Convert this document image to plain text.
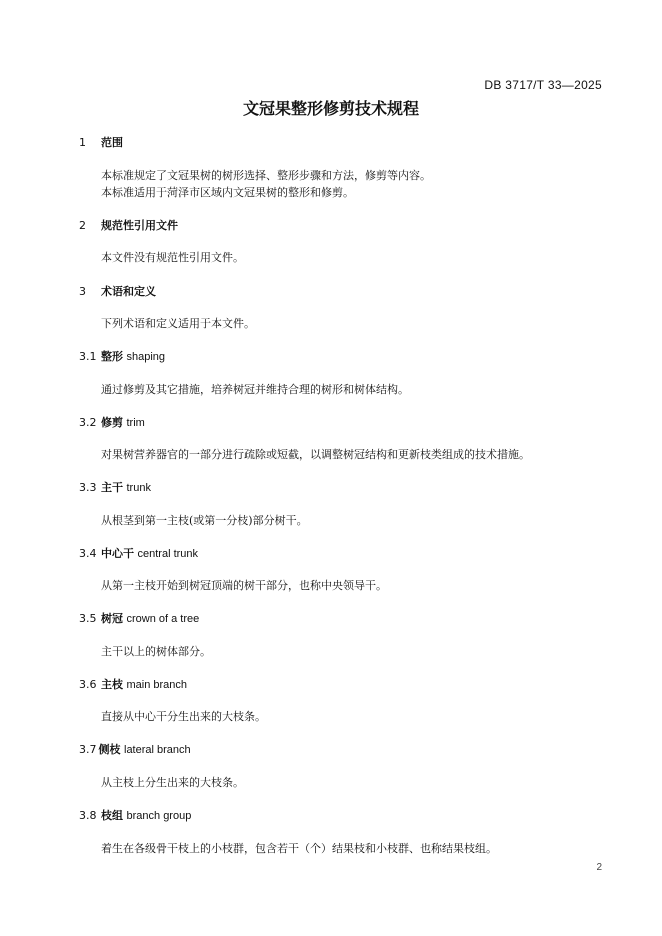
DB 3717/T 33—2025
文冠果整形修剪技术规程
1 范围
本标准规定了文冠果树的树形选择、整形步骤和方法，修剪等内容。
本标准适用于菏泽市区域内文冠果树的整形和修剪。
2 规范性引用文件
本文件没有规范性引用文件。
3 术语和定义
下列术语和定义适用于本文件。
3.1 整形 shaping
通过修剪及其它措施，培养树冠并维持合理的树形和树体结构。
3.2 修剪 trim
对果树营养器官的一部分进行疏除或短截，以调整树冠结构和更新枝类组成的技术措施。
3.3 主干 trunk
从根茎到第一主枝(或第一分枝)部分树干。
3.4 中心干 central trunk
从第一主枝开始到树冠顶端的树干部分，也称中央领导干。
3.5 树冠 crown of a tree
主干以上的树体部分。
3.6 主枝 main branch
直接从中心干分生出来的大枝条。
3.7 侧枝 lateral branch
从主枝上分生出来的大枝条。
3.8 枝组 branch group
着生在各级骨干枝上的小枝群，包含若干（个）结果枝和小枝群、也称结果枝组。
2
